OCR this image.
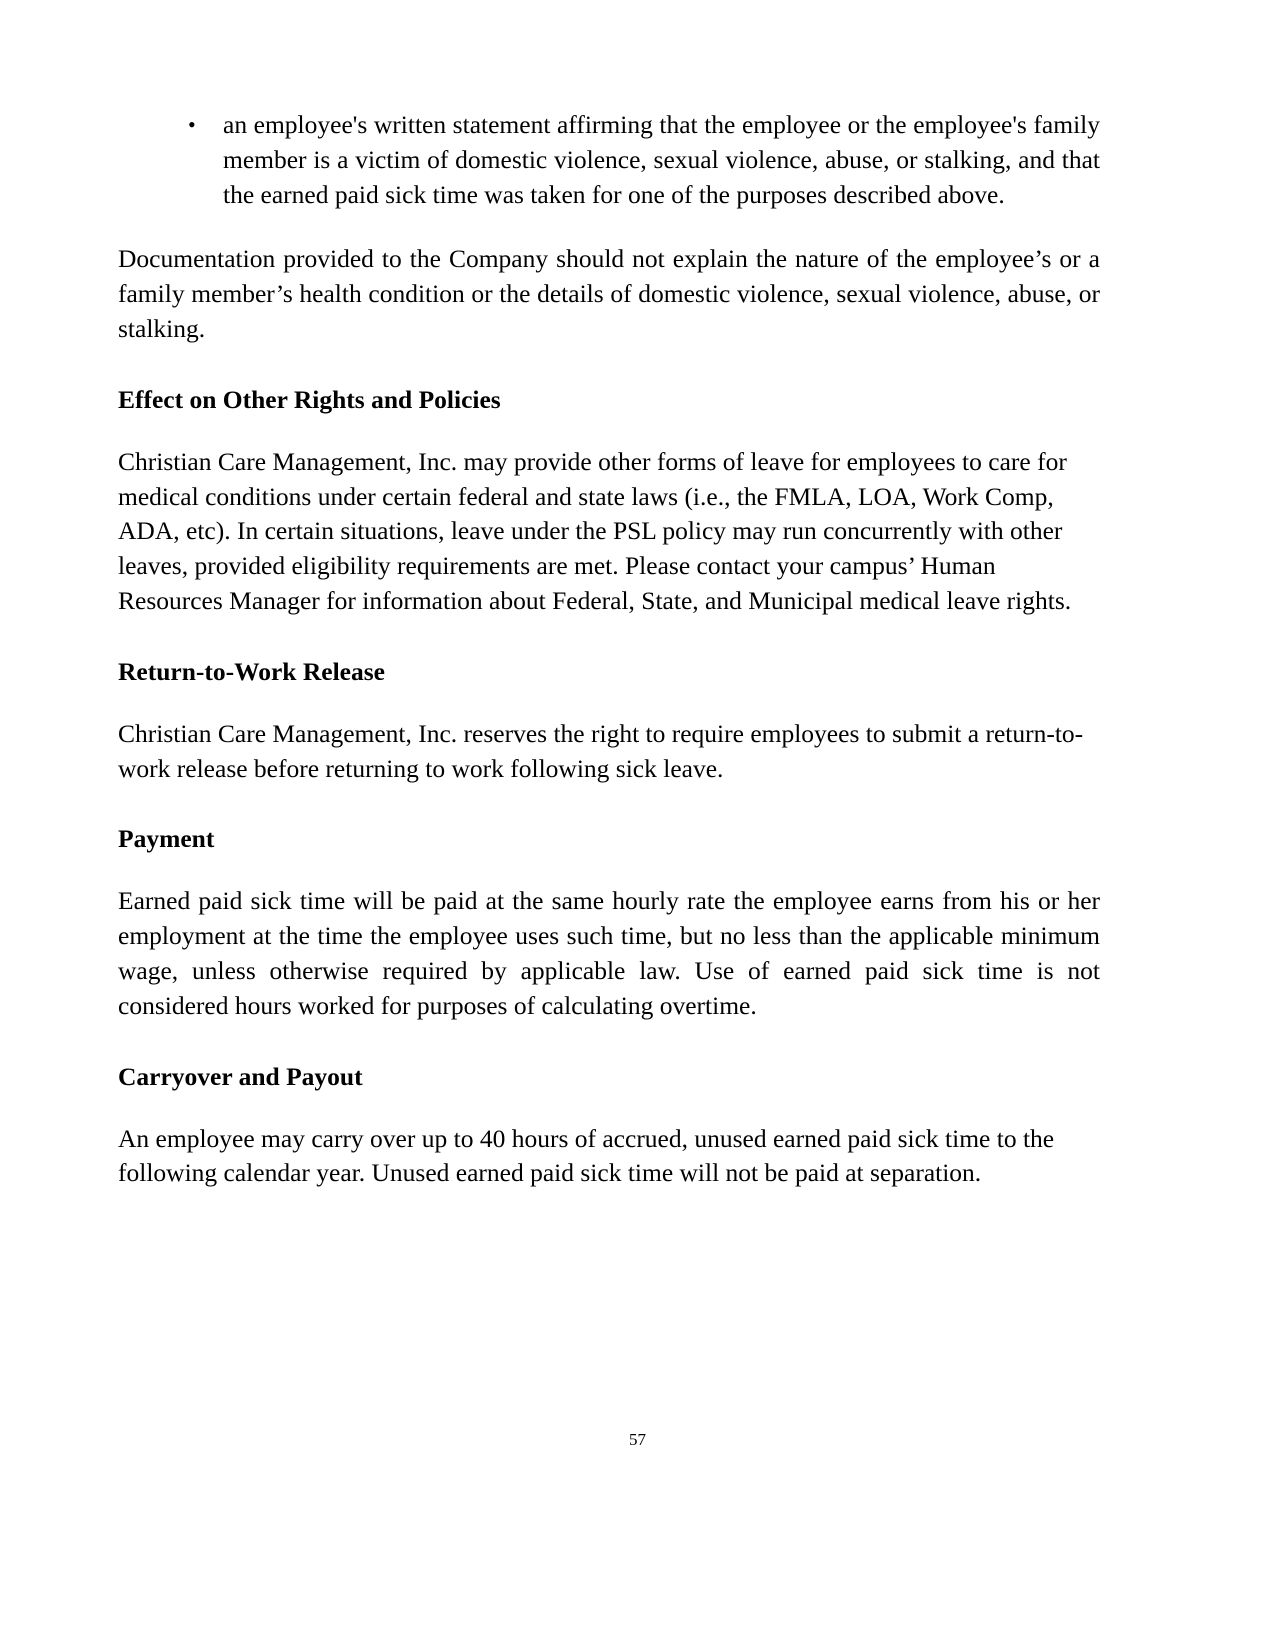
• an employee's written statement affirming that the employee or the employee's family member is a victim of domestic violence, sexual violence, abuse, or stalking, and that the earned paid sick time was taken for one of the purposes described above.

Documentation provided to the Company should not explain the nature of the employee’s or a family member’s health condition or the details of domestic violence, sexual violence, abuse, or stalking.

Effect on Other Rights and Policies

Christian Care Management, Inc. may provide other forms of leave for employees to care for medical conditions under certain federal and state laws (i.e., the FMLA, LOA, Work Comp, ADA, etc). In certain situations, leave under the PSL policy may run concurrently with other leaves, provided eligibility requirements are met. Please contact your campus’ Human Resources Manager for information about Federal, State, and Municipal medical leave rights.

Return-to-Work Release

Christian Care Management, Inc. reserves the right to require employees to submit a return-to-work release before returning to work following sick leave.

Payment

Earned paid sick time will be paid at the same hourly rate the employee earns from his or her employment at the time the employee uses such time, but no less than the applicable minimum wage, unless otherwise required by applicable law. Use of earned paid sick time is not considered hours worked for purposes of calculating overtime.

Carryover and Payout

An employee may carry over up to 40 hours of accrued, unused earned paid sick time to the following calendar year. Unused earned paid sick time will not be paid at separation.

57
